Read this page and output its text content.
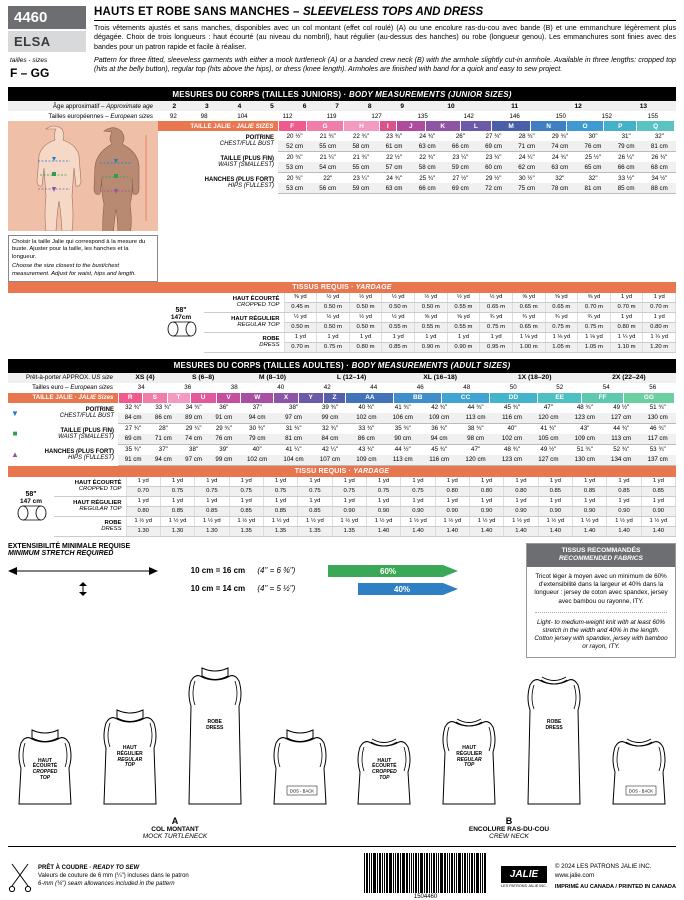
4460
ELSA
tailles - sizes
F – GG
HAUTS ET ROBE SANS MANCHES – SLEEVELESS TOPS AND DRESS
Trois vêtements ajustés et sans manches, disponibles avec un col montant (effet col roulé) (A) ou une encolure ras-du-cou avec bande (B) et une emmanchure légèrement plus dégagée. Choix de trois longueurs : haut écourté (au niveau du nombril), haut régulier (au-dessus des hanches) ou robe (longueur genou). Les emmanchures sont finies avec des bandes pour un patron rapide et facile à réaliser.
Pattern for three fitted, sleeveless garments with either a mock turtleneck (A) or a banded crew neck (B) with the armhole slightly cut-in armhole. Available in three lengths: cropped top (hits at the belly button), regular top (hits above the hips), or dress (knee length). Armholes are finished with band for a quick and easy to sew project.
MESURES DU CORPS (TAILLES JUNIORS) · BODY MEASUREMENTS (JUNIOR SIZES)
Âge approximatif – Approximate age		2	3	4	5	6	7	8	9	10	11	12	13

Tailles européennes – European sizes		92	98	104	112	119	127	135	142	146	150	152	155
Choisir la taille Jalie qui correspond à la mesure du buste. Ajuster pour la taille, les hanches et la longueur.
Choose the size closest to the bust/chest measurement. Adjust for waist, hips and length.
TAILLE JALIE · JALIE SIZES		F	G	H	I	J	K	L	M	N	O	P	Q
POITRINE
CHEST/FULL BUST	20 ½"	21 ¾"	22 ¾"	23 ¾"	24 ¾"	26"	27 ¾"	28 ¾"	29 ¾"	30"	31"	32"
	52 cm	55 cm	58 cm	61 cm	63 cm	66 cm	69 cm	71 cm	74 cm	76 cm	79 cm	81 cm
TAILLE (PLUS FIN)
WAIST (SMALLEST)	20 ¾"	21 ¼"	21 ¾"	22 ½"	22 ¾"	23 ¼"	23 ¾"	24 ¼"	24 ¾"	25 ½"	26 ¼"	26 ¾"
	53 cm	54 cm	55 cm	57 cm	58 cm	59 cm	60 cm	62 cm	63 cm	65 cm	66 cm	68 cm
HANCHES (PLUS FORT)
HIPS (FULLEST)	20 ¾"	22"	23 ¼"	24 ¾"	25 ¾"	27 ½"	29 ½"	30 ½"	32"	32"	33 ½"	34 ½"
	53 cm	56 cm	59 cm	63 cm	66 cm	69 cm	72 cm	75 cm	78 cm	81 cm	85 cm	88 cm
TISSUS REQUIS · YARDAGE
58"
147cm
HAUT ÉCOURTÉ
CROPPED TOP	⅜ yd	½ yd	½ yd	½ yd	½ yd	½ yd	½ yd	⅝ yd	⅝ yd	⅝ yd	1 yd	1 yd
	0.45 m	0.50 m	0.50 m	0.50 m	0.50 m	0.55 m	0.65 m	0.65 m	0.65 m	0.70 m	0.70 m	0.70 m
HAUT RÉGULIER
REGULAR TOP	½ yd	½ yd	½ yd	½ yd	⅝ yd	⅝ yd	¾ yd	¾ yd	¾ yd	¾ yd	1 yd	1 yd
	0.50 m	0.50 m	0.50 m	0.55 m	0.55 m	0.55 m	0.75 m	0.65 m	0.75 m	0.75 m	0.80 m	0.80 m
ROBE
DRESS	1 yd	1 yd	1 yd	1 yd	1 yd	1 yd	1 yd	1 ⅛ yd	1 ⅛ yd	1 ⅛ yd	1 ¼ yd	1 ¼ yd
	0.70 m	0.75 m	0.80 m	0.85 m	0.90 m	0.90 m	0.95 m	1.00 m	1.05 m	1.05 m	1.10 m	1.20 m
MESURES DU CORPS (TAILLES ADULTES) · BODY MEASUREMENTS (ADULT SIZES)
Prêt-à-porter APPROX. US size		XS (4)	S (6–8)	M (8–10)	L (12–14)	XL (16–18)	1X (18–20)	2X (22–24)

Tailles euro – European sizes		34	36	38	40	42	44	46	48	50	52	54	56
TAILLE JALIE · JALIE Sizes	R	S	T	U	V	W	X	Y	Z	AA	BB	CC	DD	EE	FF	GG
▼	POITRINE
CHEST/FULL BUST	32 ¾"	33 ¾"	34 ¾"	36"	37"	38"	39 ¾"	40 ¾"	41 ¾"	42 ¾"	44 ¾"	45 ¾"	47"	48 ¾"	49 ½"	51 ¾"
		84 cm	86 cm	89 cm	91 cm	94 cm	97 cm	99 cm	102 cm	106 cm	109 cm	113 cm	116 cm	120 cm	123 cm	127 cm	130 cm
■	TAILLE (PLUS FIN)
WAIST (SMALLEST)	27 ¾"	28"	29 ¼"	29 ¾"	30 ¾"	31 ¾"	32 ¾"	33 ¾"	35 ¾"	36 ¾"	38 ¾"	40"	41 ¾"	43"	44 ¾"	46 ¾"
		69 cm	71 cm	74 cm	76 cm	79 cm	81 cm	84 cm	86 cm	90 cm	94 cm	98 cm	102 cm	105 cm	109 cm	113 cm	117 cm
▲	HANCHES (PLUS FORT)
HIPS (FULLEST)	35 ¾"	37"	38"	39"	40"	41 ¼"	42 ¼"	43 ¾"	44 ½"	45 ¾"	47"	48 ¾"	49 ½"	51 ¾"	52 ¾"	53 ¾"
		91 cm	94 cm	97 cm	99 cm	102 cm	104 cm	107 cm	109 cm	113 cm	116 cm	120 cm	123 cm	127 cm	130 cm	134 cm	137 cm
TISSU REQUIS · YARDAGE
58"
147 cm
HAUT ÉCOURTÉ
CROPPED TOP	1 yd	1 yd	1 yd	1 yd	1 yd	1 yd	1 yd	1 yd	1 yd	1 yd	1 yd	1 yd	1 yd	1 yd	1 yd	1 yd
	0.70	0.75	0.75	0.75	0.75	0.75	0.75	0.75	0.75	0.80	0.80	0.80	0.85	0.85	0.85	0.85
HAUT RÉGULIER
REGULAR TOP	1 yd	1 yd	1 yd	1 yd	1 yd	1 yd	1 yd	1 yd	1 yd	1 yd	1 yd	1 yd	1 yd	1 yd	1 yd	1 yd
	0.80	0.85	0.85	0.85	0.85	0.85	0.90	0.90	0.90	0.90	0.90	0.90	0.90	0.90	0.90	0.90
ROBE
DRESS	1 ½ yd	1 ½ yd	1 ½ yd	1 ½ yd	1 ½ yd	1 ½ yd	1 ½ yd	1 ½ yd	1 ½ yd	1 ½ yd	1 ½ yd	1 ½ yd	1 ½ yd	1 ½ yd	1 ½ yd	1 ½ yd
	1.30	1.30	1.30	1.35	1.35	1.35	1.35	1.40	1.40	1.40	1.40	1.40	1.40	1.40	1.40	1.40
EXTENSIBILITÉ MINIMALE REQUISE
MINIMUM STRETCH REQUIRED
10 cm = 16 cm (4" = 6 ⅜")	60%
10 cm = 14 cm (4" = 5 ½")	40%
TISSUS RECOMMANDÉS
RECOMMENDED FABRICS
Tricot léger à moyen avec un minimum de 60% d'extensibilité dans la largeur et 40% dans la longueur : jersey de coton avec spandex, jersey avec bambou ou rayonne, ITY.
Light- to medium-weight knit with at least 60% stretch in the width and 40% in the length. Cotton jersey with spandex, jersey with bamboo or rayon, ITY.
HAUT
ÉCOURTÉ
CROPPED
TOP
HAUT
RÉGULIER
REGULAR
TOP
ROBE
DRESS
DOS - BACK
HAUT
ÉCOURTÉ
CROPPED
TOP
HAUT
RÉGULIER
REGULAR
TOP
ROBE
DRESS
DOS - BACK
A
COL MONTANT
MOCK TURTLENECK
B
ENCOLURE RAS-DU-COU
CREW NECK
PRÊT À COUDRE · READY TO SEW
Valeurs de couture de 6 mm (¼") incluses dans le patron
6-mm (¼") seam allowances included in the pattern
1504460
JALIE
LES PATRONS JALIE INC.
© 2024 LES PATRONS JALIE INC.
www.jalie.com
IMPRIMÉ AU CANADA / PRINTED IN CANADA
